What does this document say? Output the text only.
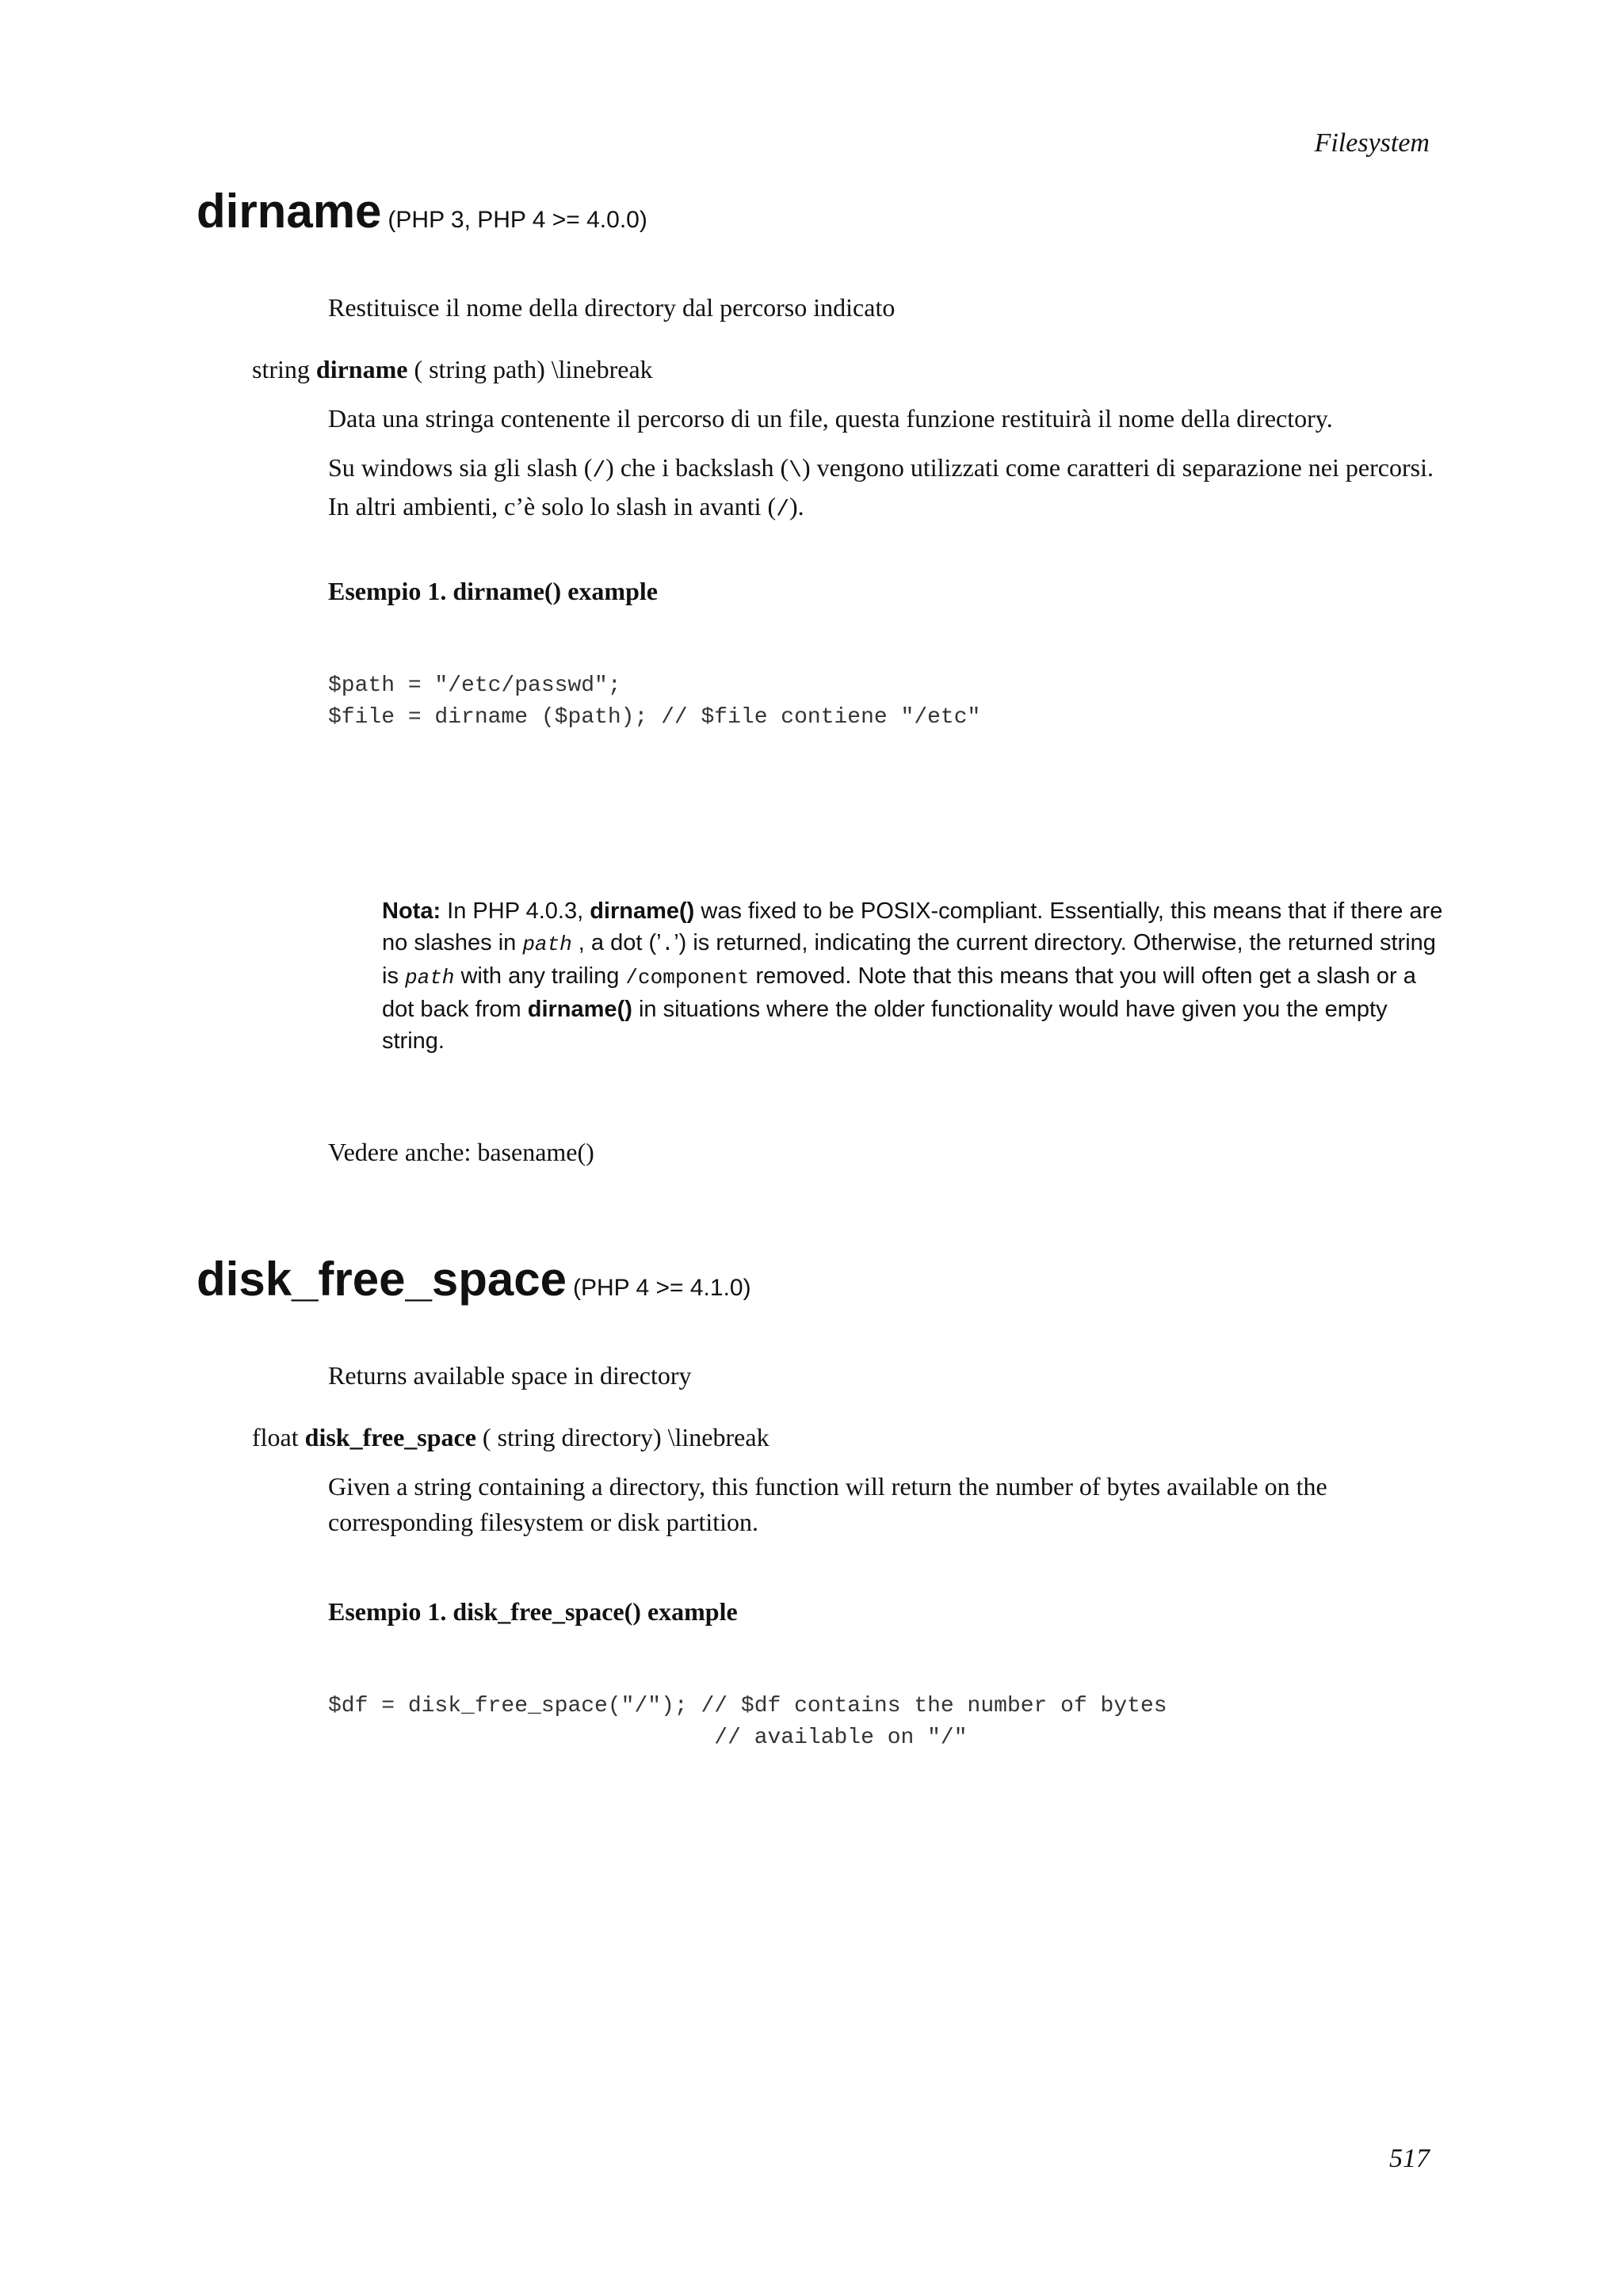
Filesystem
dirname (PHP 3, PHP 4 >= 4.0.0)
Restituisce il nome della directory dal percorso indicato
string dirname ( string path) \linebreak
Data una stringa contenente il percorso di un file, questa funzione restituirà il nome della directory.
Su windows sia gli slash (/) che i backslash (\) vengono utilizzati come caratteri di separazione nei percorsi. In altri ambienti, c’è solo lo slash in avanti (/).
Esempio 1. dirname() example
$path = "/etc/passwd";
$file = dirname ($path); // $file contiene "/etc"
Nota: In PHP 4.0.3, dirname() was fixed to be POSIX-compliant. Essentially, this means that if there are no slashes in path , a dot (’.’) is returned, indicating the current directory. Otherwise, the returned string is path with any trailing /component removed. Note that this means that you will often get a slash or a dot back from dirname() in situations where the older functionality would have given you the empty string.
Vedere anche: basename()
disk_free_space (PHP 4 >= 4.1.0)
Returns available space in directory
float disk_free_space ( string directory) \linebreak
Given a string containing a directory, this function will return the number of bytes available on the corresponding filesystem or disk partition.
Esempio 1. disk_free_space() example
$df = disk_free_space("/"); // $df contains the number of bytes
// available on "/"
517
